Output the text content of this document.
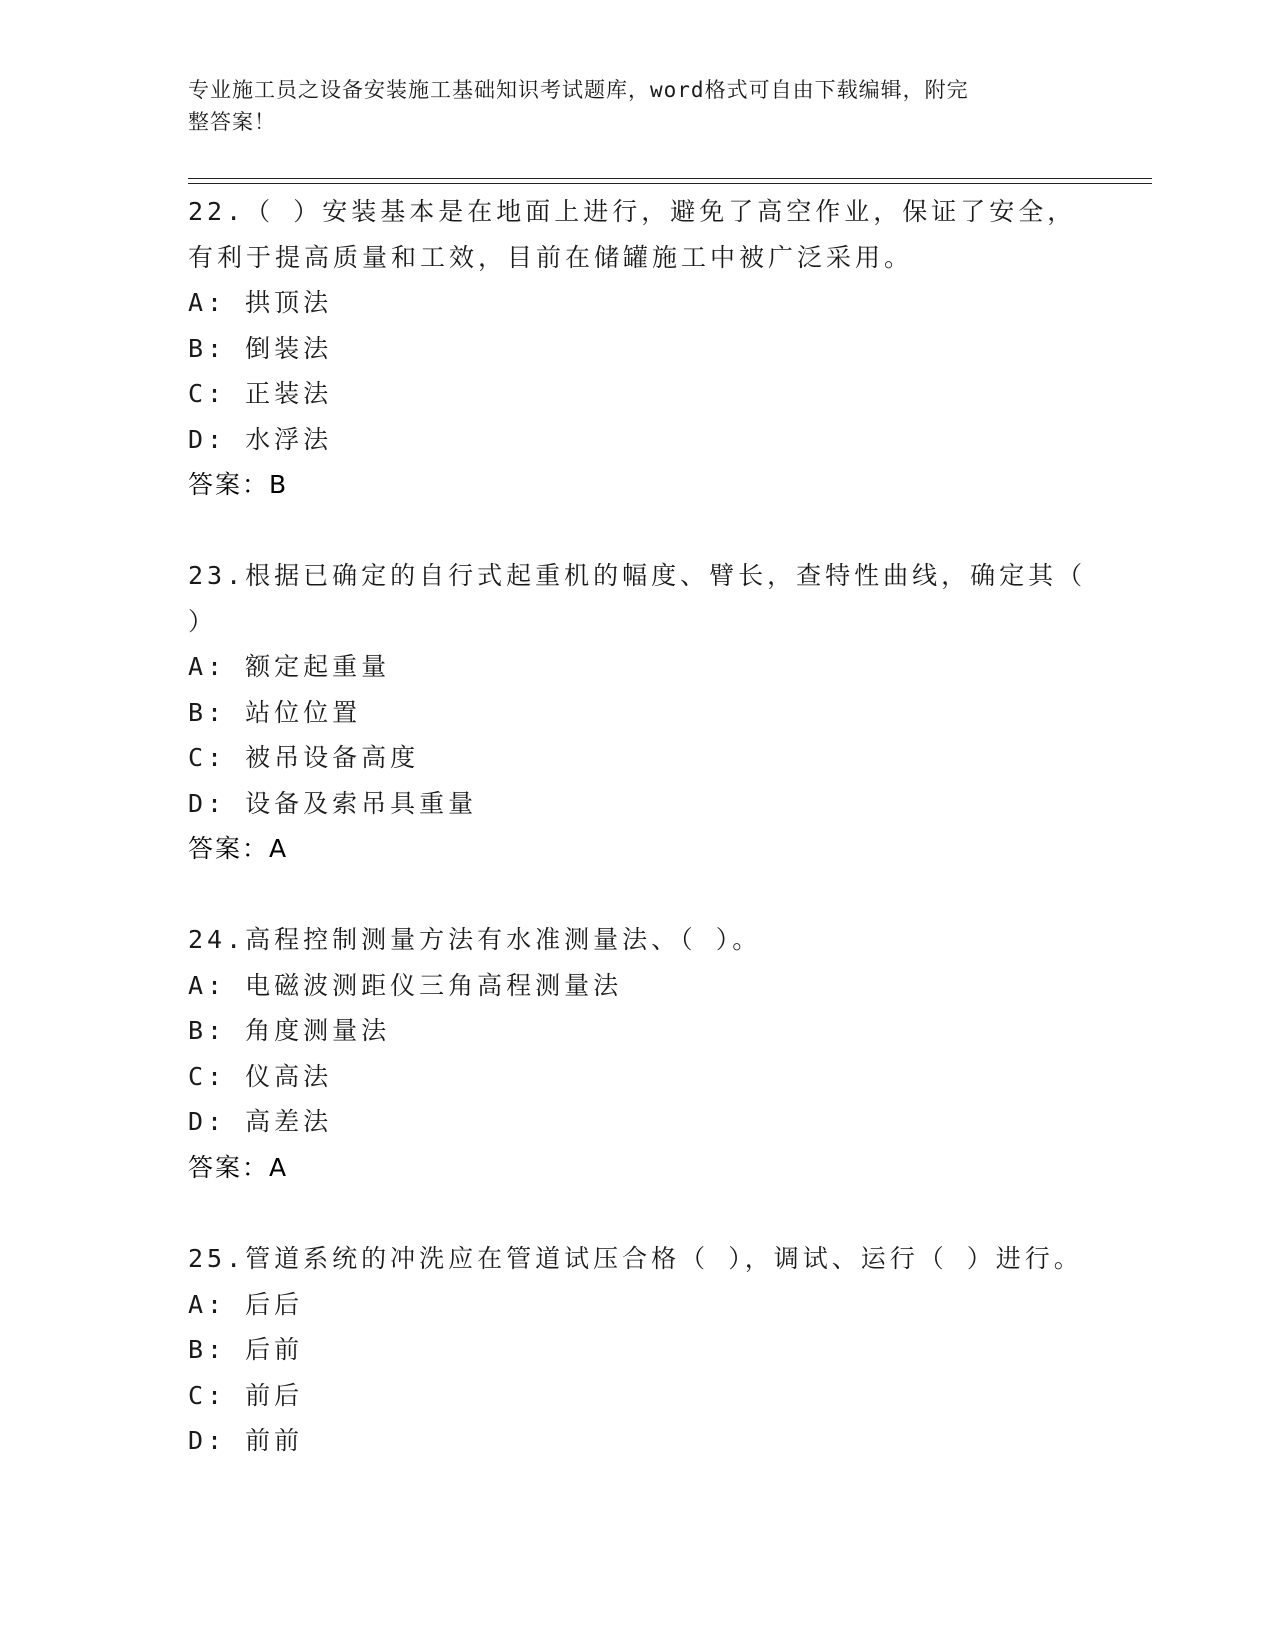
专业施工员之设备安装施工基础知识考试题库，word格式可自由下载编辑，附完
整答案！
22.（ ）安装基本是在地面上进行，避免了高空作业，保证了安全，
有利于提高质量和工效，目前在储罐施工中被广泛采用。
A: 拱顶法
B: 倒装法
C: 正装法
D: 水浮法
答案：B
23.根据已确定的自行式起重机的幅度、臂长，查特性曲线，确定其（
）
A: 额定起重量
B: 站位位置
C: 被吊设备高度
D: 设备及索吊具重量
答案：A
24.高程控制测量方法有水准测量法、（ ）。
A: 电磁波测距仪三角高程测量法
B: 角度测量法
C: 仪高法
D: 高差法
答案：A
25.管道系统的冲洗应在管道试压合格（ ），调试、运行（ ）进行。
A: 后后
B: 后前
C: 前后
D: 前前
